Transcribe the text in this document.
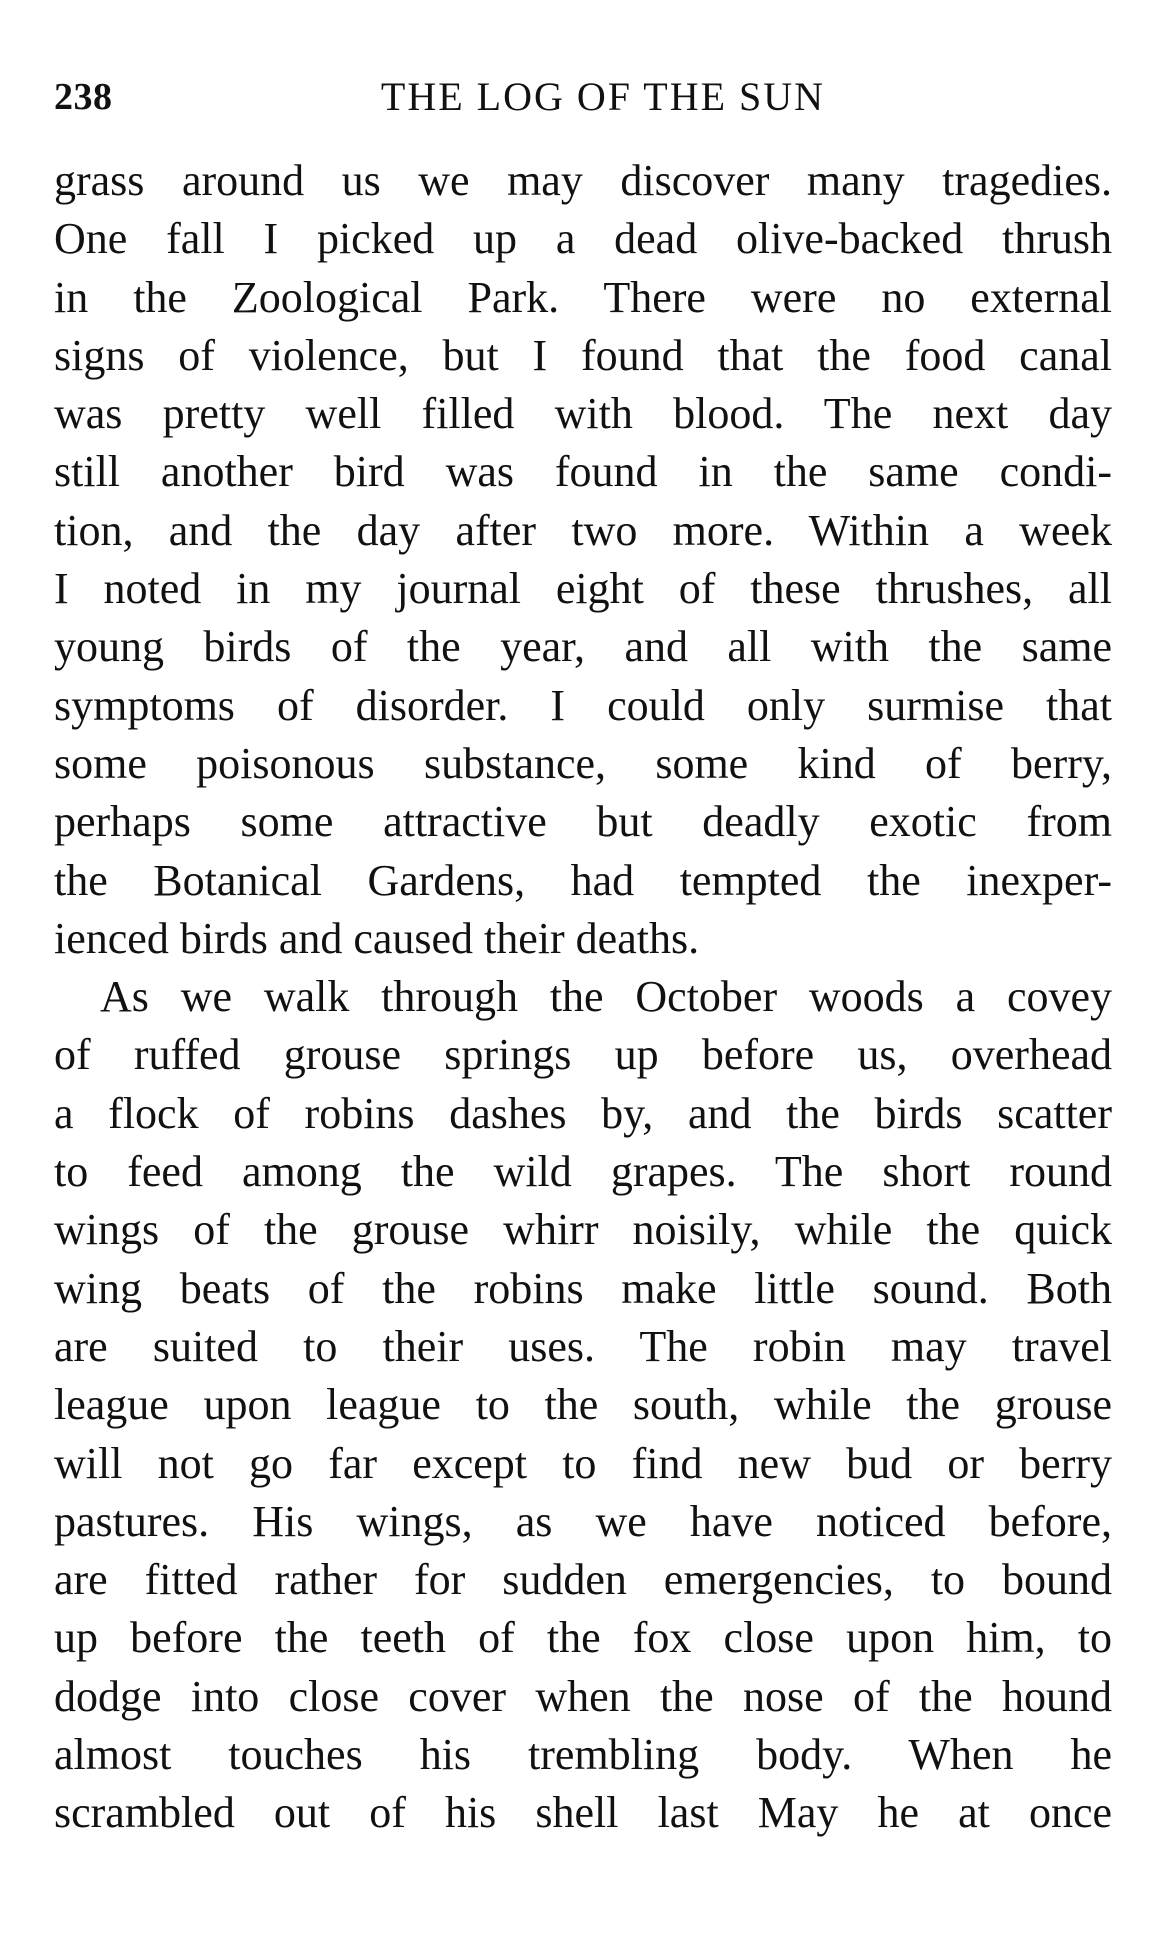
238	THE LOG OF THE SUN
grass around us we may discover many tragedies.
One fall I picked up a dead olive-backed thrush
in the Zoological Park. There were no external
signs of violence, but I found that the food canal
was pretty well filled with blood. The next day
still another bird was found in the same condi-
tion, and the day after two more. Within a week
I noted in my journal eight of these thrushes, all
young birds of the year, and all with the same
symptoms of disorder. I could only surmise that
some poisonous substance, some kind of berry,
perhaps some attractive but deadly exotic from
the Botanical Gardens, had tempted the inexper-
ienced birds and caused their deaths.
As we walk through the October woods a covey
of ruffed grouse springs up before us, overhead
a flock of robins dashes by, and the birds scatter
to feed among the wild grapes. The short round
wings of the grouse whirr noisily, while the quick
wing beats of the robins make little sound. Both
are suited to their uses. The robin may travel
league upon league to the south, while the grouse
will not go far except to find new bud or berry
pastures. His wings, as we have noticed before,
are fitted rather for sudden emergencies, to bound
up before the teeth of the fox close upon him, to
dodge into close cover when the nose of the hound
almost touches his trembling body. When he
scrambled out of his shell last May he at once
